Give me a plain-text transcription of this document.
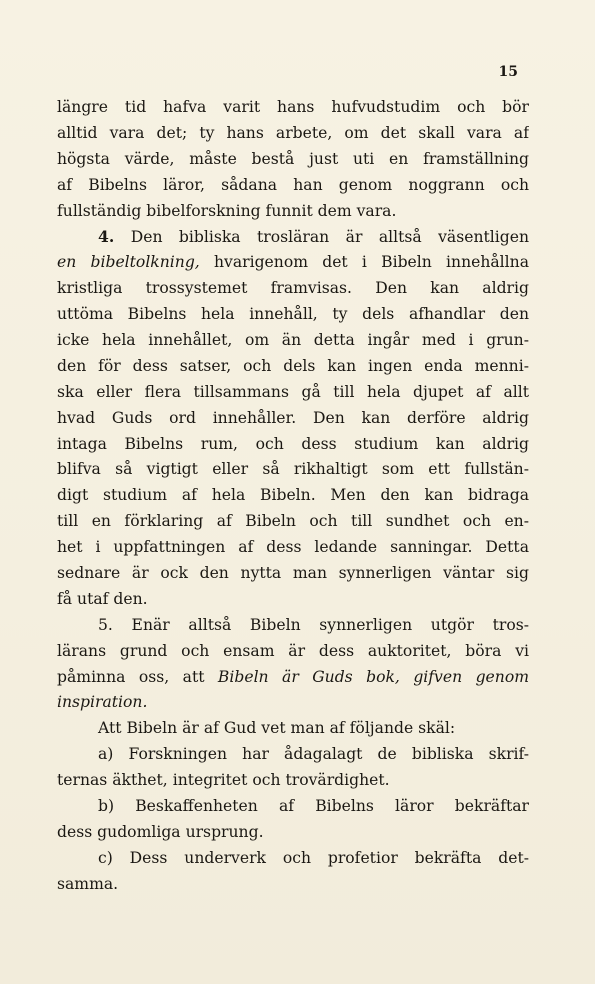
15
längre tid hafva varit hans hufvudstudim och bör
alltid vara det; ty hans arbete, om det skall vara af
högsta värde, måste bestå just uti en framställning
af Bibelns läror, sådana han genom noggrann och
fullständig bibelforskning funnit dem vara.
4. Den bibliska trosläran är alltså väsentligen
en bibeltolkning, hvarigenom det i Bibeln innehållna
kristliga trossystemet framvisas. Den kan aldrig
uttöma Bibelns hela innehåll, ty dels afhandlar den
icke hela innehållet, om än detta ingår med i grun-
den för dess satser, och dels kan ingen enda menni-
ska eller flera tillsammans gå till hela djupet af allt
hvad Guds ord innehåller. Den kan derföre aldrig
intaga Bibelns rum, och dess studium kan aldrig
blifva så vigtigt eller så rikhaltigt som ett fullstän-
digt studium af hela Bibeln. Men den kan bidraga
till en förklaring af Bibeln och till sundhet och en-
het i uppfattningen af dess ledande sanningar. Detta
sednare är ock den nytta man synnerligen väntar sig
få utaf den.
5. Enär alltså Bibeln synnerligen utgör tros-
lärans grund och ensam är dess auktoritet, böra vi
påminna oss, att Bibeln är Guds bok, gifven genom
inspiration.
Att Bibeln är af Gud vet man af följande skäl:
a) Forskningen har ådagalagt de bibliska skrif-
ternas äkthet, integritet och trovärdighet.
b) Beskaffenheten af Bibelns läror bekräftar
dess gudomliga ursprung.
c) Dess underverk och profetior bekräfta det-
samma.
